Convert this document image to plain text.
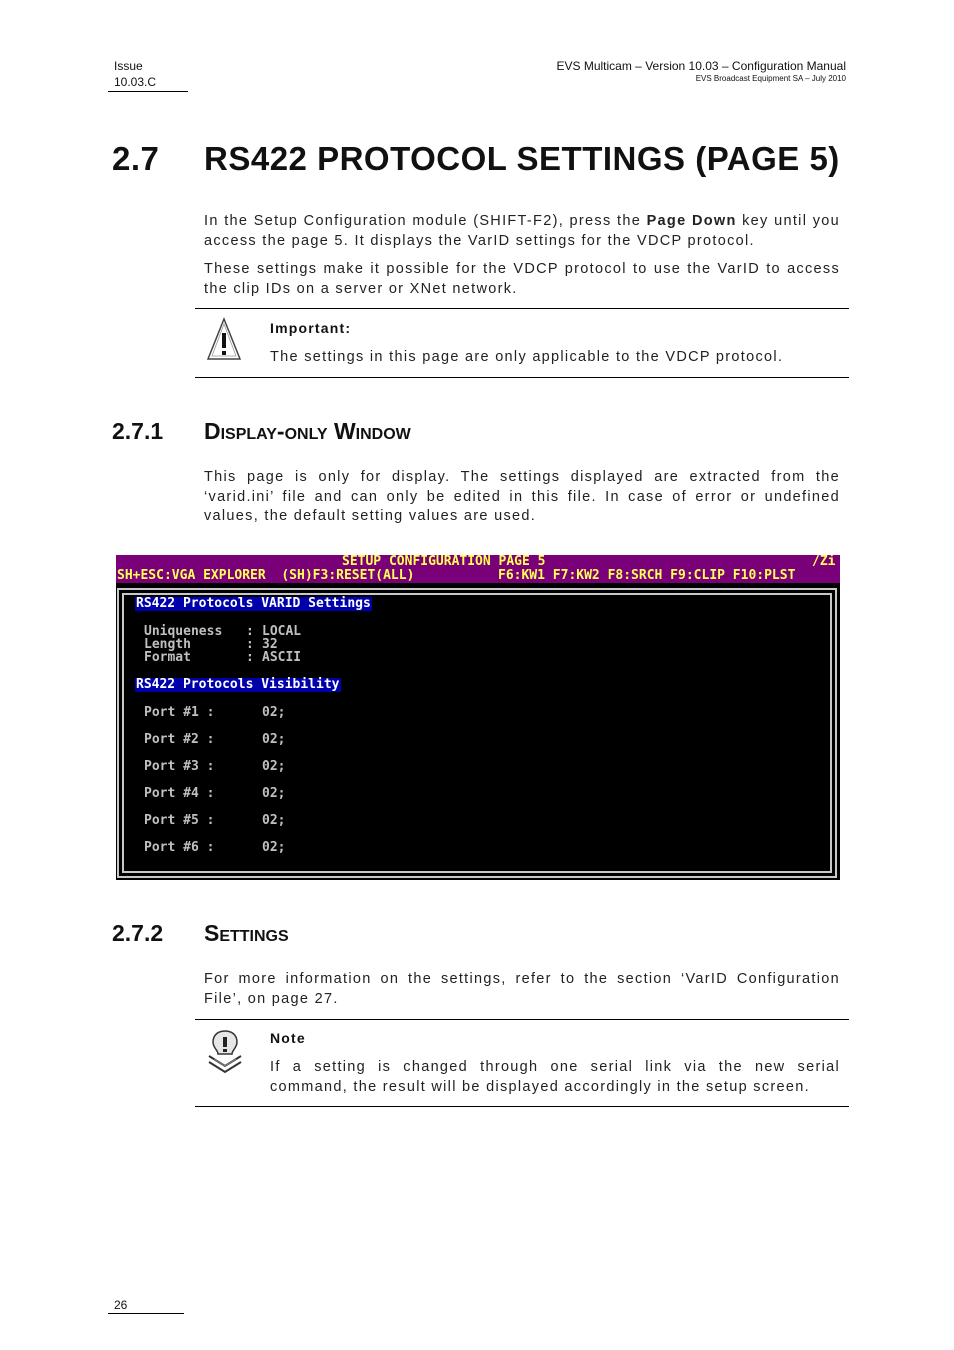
Issue
10.03.C
EVS Multicam – Version 10.03 – Configuration Manual
EVS Broadcast Equipment SA – July 2010
2.7 RS422 PROTOCOL SETTINGS (PAGE 5)
In the Setup Configuration module (SHIFT-F2), press the Page Down key until you access the page 5. It displays the VarID settings for the VDCP protocol.
These settings make it possible for the VDCP protocol to use the VarID to access the clip IDs on a server or XNet network.
Important:
The settings in this page are only applicable to the VDCP protocol.
2.7.1 Display-only Window
This page is only for display. The settings displayed are extracted from the ‘varid.ini’ file and can only be edited in this file. In case of error or undefined values, the default setting values are used.
SETUP CONFIGURATION PAGE 5	/Zi
SH+ESC:VGA EXPLORER  (SH)F3:RESET(ALL)	F6:KW1 F7:KW2 F8:SRCH F9:CLIP F10:PLST
RS422 Protocols VARID Settings
Uniqueness : LOCAL
Length	: 32
Format	: ASCII
RS422 Protocols Visibility
Port #1 :	02;
Port #2 :	02;
Port #3 :	02;
Port #4 :	02;
Port #5 :	02;
Port #6 :	02;
2.7.2 Settings
For more information on the settings, refer to the section ‘VarID Configuration File’, on page 27.
Note
If a setting is changed through one serial link via the new serial command, the result will be displayed accordingly in the setup screen.
26
